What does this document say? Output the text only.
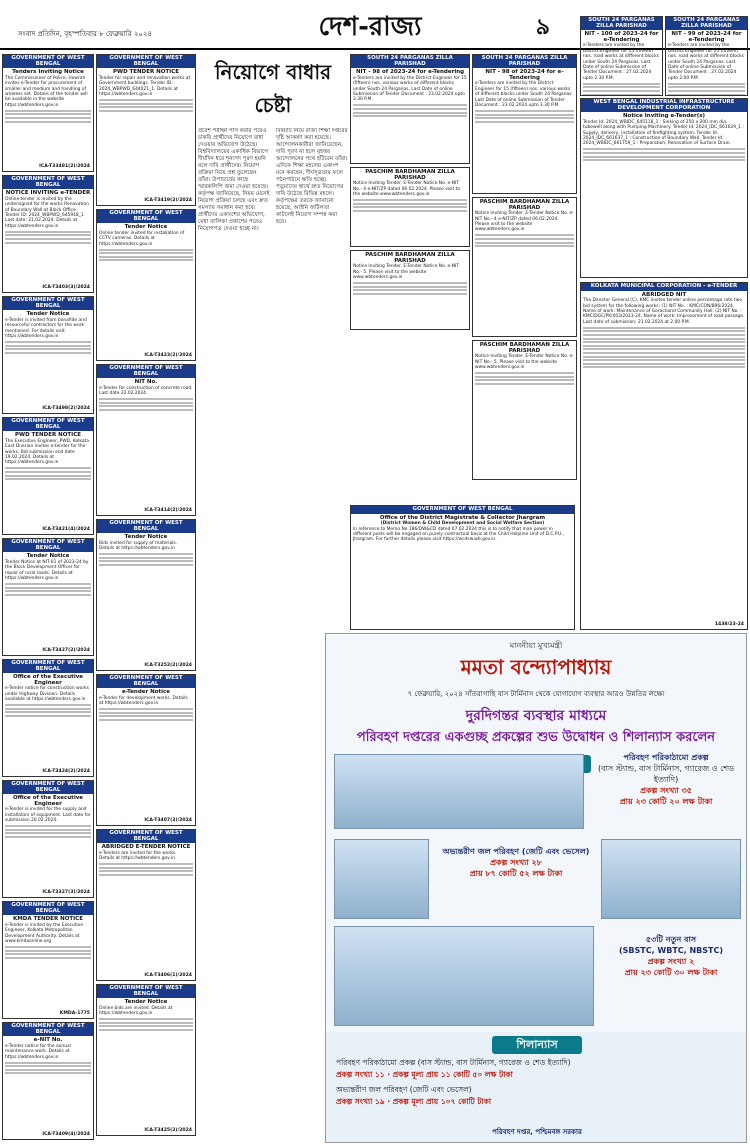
সংবাদ প্রতিদিন, বৃহস্পতিবার ৮ ফেব্রুয়ারি ২০২৪	দেশ-রাজ্য	৯
GOVERNMENT OF WEST BENGAL
Tenders Inviting Notice
The Commissioner of Police, Howrah invites e-Tender for procurement of smaller and medium and handling of wireless set. Details of the tender will be available in the website https://wbtenders.gov.in
ICA-T33481(2)/2024
GOVERNMENT OF WEST BENGAL
NOTICE INVITING e-TENDER
Online tender is invited by the undersigned for the works Renovation of Boundary Wall at Block Office. Tender ID: 2024_WBPWD_645918_1. Last date: 21.02.2024. Details at https://wbtenders.gov.in
ICA-T3403(3)/2024
GOVERNMENT OF WEST BENGAL
Tender Notice
e-Tender is invited from bonafide and resourceful contractors for the work mentioned. For details visit https://wbtenders.gov.in
ICA-T3498(2)/2024
GOVERNMENT OF WEST BENGAL
PWD TENDER NOTICE
The Executive Engineer, PWD, Kolkata East Division invites e-tender for the works. Bid submission end date 19.02.2024. Details at https://wbtenders.gov.in
ICA-T3421(4)/2024
GOVERNMENT OF WEST BENGAL
Tender Notice
Tender Notice at NIT-01 of 2023-24 by the Block Development Officer for repair of rural roads. Details at https://wbtenders.gov.in
ICA-T3427(2)/2024
GOVERNMENT OF WEST BENGAL
Office of the Executive Engineer
e-Tender notice for construction works under Highway Division. Details available at https://wbtenders.gov.in
ICA-T3424(2)/2024
GOVERNMENT OF WEST BENGAL
Office of the Executive Engineer
e-Tender is invited for the supply and installation of equipment. Last date for submission 20.02.2024.
ICA-T3327(3)/2024
GOVERNMENT OF WEST BENGAL
KMDA TENDER NOTICE
e-Tender is invited by the Executive Engineer, Kolkata Metropolitan Development Authority. Details at www.kmdaonline.org
KMDA-1775
GOVERNMENT OF WEST BENGAL
e-NIT No.
e-Tender notice for the annual maintenance work. Details at https://wbtenders.gov.in
ICA-T3409(4)/2024
GOVERNMENT OF WEST BENGAL
PWD TENDER NOTICE
Tender for repair and renovation works at Government buildings. Tender ID: 2024_WBPWD_644021_1. Details at https://wbtenders.gov.in
ICA-T3419(2)/2024
GOVERNMENT OF WEST BENGAL
Tender Notice
Online tender invited for installation of CCTV cameras. Details at https://wbtenders.gov.in
ICA-T3423(2)/2024
GOVERNMENT OF WEST BENGAL
NIT No.
e-Tender for construction of concrete road. Last date 22.02.2024.
ICA-T3414(2)/2024
GOVERNMENT OF WEST BENGAL
Tender Notice
Bids invited for supply of materials. Details at https://wbtenders.gov.in
ICA-T3252(2)/2024
GOVERNMENT OF WEST BENGAL
e-Tender Notice
e-Tender for development works. Details at https://wbtenders.gov.in
ICA-T3407(3)/2024
GOVERNMENT OF WEST BENGAL
ABRIDGED E-TENDER NOTICE
e-Tenders are invited for the works. Details at https://wbtenders.gov.in
ICA-T3406(1)/2024
GOVERNMENT OF WEST BENGAL
Tender Notice
Online bids are invited. Details at https://wbtenders.gov.in
ICA-T3425(2)/2024
নিয়োগে বাধার চেষ্টা
প্রবেশ পরীক্ষা পাস করার পরেও চাকরি প্রার্থীদের নিয়োগে বাধা দেওয়ার অভিযোগ উঠেছে। বিশ্ববিদ্যালয়ের একাধিক বিভাগে দীর্ঘদিন ধরে শূন্যপদ পূরণ হয়নি বলে দাবি প্রার্থীদের। নিয়োগ প্রক্রিয়া নিয়ে প্রশ্ন তুলেছেন তাঁরা। উপাচার্যের কাছে স্মারকলিপি জমা দেওয়া হয়েছে। কর্তৃপক্ষ জানিয়েছে, নিয়ম মেনেই নিয়োগ প্রক্রিয়া চলছে এবং দ্রুত সমস্যার সমাধান করা হবে। প্রার্থীদের একাংশের অভিযোগ, মেধা তালিকা প্রকাশের পরেও নিয়োগপত্র দেওয়া হচ্ছে না। বিষয়টি নিয়ে রাজ্য শিক্ষা দপ্তরের দৃষ্টি আকর্ষণ করা হয়েছে। আন্দোলনকারীরা জানিয়েছেন, দাবি পূরণ না হলে বৃহত্তর আন্দোলনের পথে হাঁটবেন তাঁরা। এদিকে শিক্ষা মহলের একাংশ মনে করছেন, দীর্ঘসূত্রতার ফলে পঠনপাঠনে ক্ষতি হচ্ছে। পড়ুয়াদের স্বার্থে দ্রুত নিয়োগের দাবি উঠেছে বিভিন্ন মহলে। কর্তৃপক্ষের তরফে জানানো হয়েছে, আইনি জটিলতা কাটলেই নিয়োগ সম্পন্ন করা হবে।
SOUTH 24 PARGANAS ZILLA PARISHAD
NIT - 98 of 2023-24 for e-Tendering
e-Tenders are invited by the District Engineer for 15 (fifteen) nos. various works of different blocks under South 24 Parganas. Last Date of online Submission of Tender Document : 23.02.2024 upto 3.30 P.M.
PASCHIM BARDHAMAN ZILLA PARISHAD
Notice Inviting Tender. E-Tender Notice No. e-NIT No.- 4 e-NIT/ZP dated 06.02.2024. Please visit to the website www.wbtenders.gov.in
PASCHIM BARDHAMAN ZILLA PARISHAD
Notice Inviting Tender. E-Tender Notice No. e-NIT No.- 5. Please visit to the website www.wbtenders.gov.in
GOVERNMENT OF WEST BENGAL
Office of the District Magistrate & Collector Jhargram
(District Women & Child Development and Social Welfare Section)
In reference to Memo No 186/DW&CD dated 07.02.2024 this is to notify that man power in different posts will be engaged on purely contractual basis at the Child Helpline Unit of D.C.P.U., Jhargram. For further details please visit https://wcdsw.wb.gov.in.
SOUTH 24 PARGANAS ZILLA PARISHAD
NIT - 98 of 2023-24 for e-Tendering
e-Tenders are invited by the District Engineer for 15 (fifteen) nos. various works of different blocks under South 24 Parganas. Last Date of online Submission of Tender Document : 23.02.2024 upto 3.30 P.M.
PASCHIM BARDHAMAN ZILLA PARISHAD
Notice Inviting Tender. E-Tender Notice No. e-NIT No.- 4 e-NIT/ZP dated 06.02.2024. Please visit to the website www.wbtenders.gov.in
PASCHIM BARDHAMAN ZILLA PARISHAD
Notice Inviting Tender. E-Tender Notice No. e-NIT No.- 5. Please visit to the website www.wbtenders.gov.in
SOUTH 24 PARGANAS ZILLA PARISHAD
NIT - 100 of 2023-24 for e-Tendering
e-Tenders are invited by the District Engineer for 15 (fifteen) nos. road works at different blocks under South 24 Parganas. Last Date of online Submission of Tender Document : 27.02.2024 upto 2.30 P.M.
SOUTH 24 PARGANAS ZILLA PARISHAD
NIT - 99 of 2023-24 for e-Tendering
e-Tenders are invited by the District Engineer for 15 (fifteen) nos. road works at different blocks under South 24 Parganas. Last Date of online Submission of Tender Document : 27.02.2024 upto 2.00 P.M.
WEST BENGAL INDUSTRIAL INFRASTRUCTURE DEVELOPMENT CORPORATION
Notice Inviting e-Tender(s)
Tender Id. 2024_WBIDC_645118_1 : Sinking of 250 x 200 mm dia. tubewell along with Pumping Machinery. Tender Id. 2024_IDC_661629_1 : Supply, delivery, installation of firefighting system. Tender Id. 2024_IDC_661637_1 : Construction of Boundary Wall. Tender Id. 2024_WBIDC_661759_1 : Preparation, Renovation of Surface Drain.
KOLKATA MUNICIPAL CORPORATION - e-TENDER
ABRIDGED NIT
The Director General (C), KMC invites tender online percentage rate two bid system for the following works: (1) NIT No. : KMC/CON/896/2024. Name of work: Maintenance of Gorachand Community Hall. (2) NIT No. : KMC/DGC/PK/403/2023-24. Name of work: Improvement of road passage. Last date of submission: 21.02.2024 at 2.00 P.M.
1438/23-24
মাননীয়া মুখ্যমন্ত্রী
মমতা বন্দ্যোপাধ্যায়
৭ ফেব্রুয়ারি, ২০২৪ সাঁতরাগাছি বাস টার্মিনাস থেকে যোগাযোগ ব্যবস্থার আরও উন্নতির লক্ষ্যে
দুরদিগন্তর ব্যবস্থার মাধ্যমে
পরিবহণ দপ্তরের একগুচ্ছ প্রকল্পের শুভ উদ্বোধন ও শিলান্যাস করলেন
পরিবহণ পরিকাঠামো প্রকল্প
(বাস স্ট্যান্ড, বাস টার্মিনাস, গ্যারেজ ও শেড ইত্যাদি)
প্রকল্প সংখ্যা ৩৫
প্রায় ২৩ কোটি ২০ লক্ষ টাকা
অভ্যন্তরীণ জল পরিবহণ (জেটি এবং ভেসেল)
প্রকল্প সংখ্যা ২৮
প্রায় ৮৭ কোটি ৫২ লক্ষ টাকা
৫৩টি নতুন বাস
(SBSTC, WBTC, NBSTC)
প্রকল্প সংখ্যা ২
প্রায় ২৩ কোটি ৩০ লক্ষ টাকা
শিলান্যাস
পরিবহণ পরিকাঠামো প্রকল্প (বাস স্ট্যান্ড, বাস টার্মিনাস, গ্যারেজ ও শেড ইত্যাদি)
প্রকল্প সংখ্যা ১১ · প্রকল্প মূল্য প্রায় ১১ কোটি ৫০ লক্ষ টাকা
অভ্যন্তরীণ জল পরিবহণ (জেটি এবং ভেসেল)
প্রকল্প সংখ্যা ১৯ · প্রকল্প মূল্য প্রায় ১০৭ কোটি টাকা
পরিবহণ দপ্তর, পশ্চিমবঙ্গ সরকার
